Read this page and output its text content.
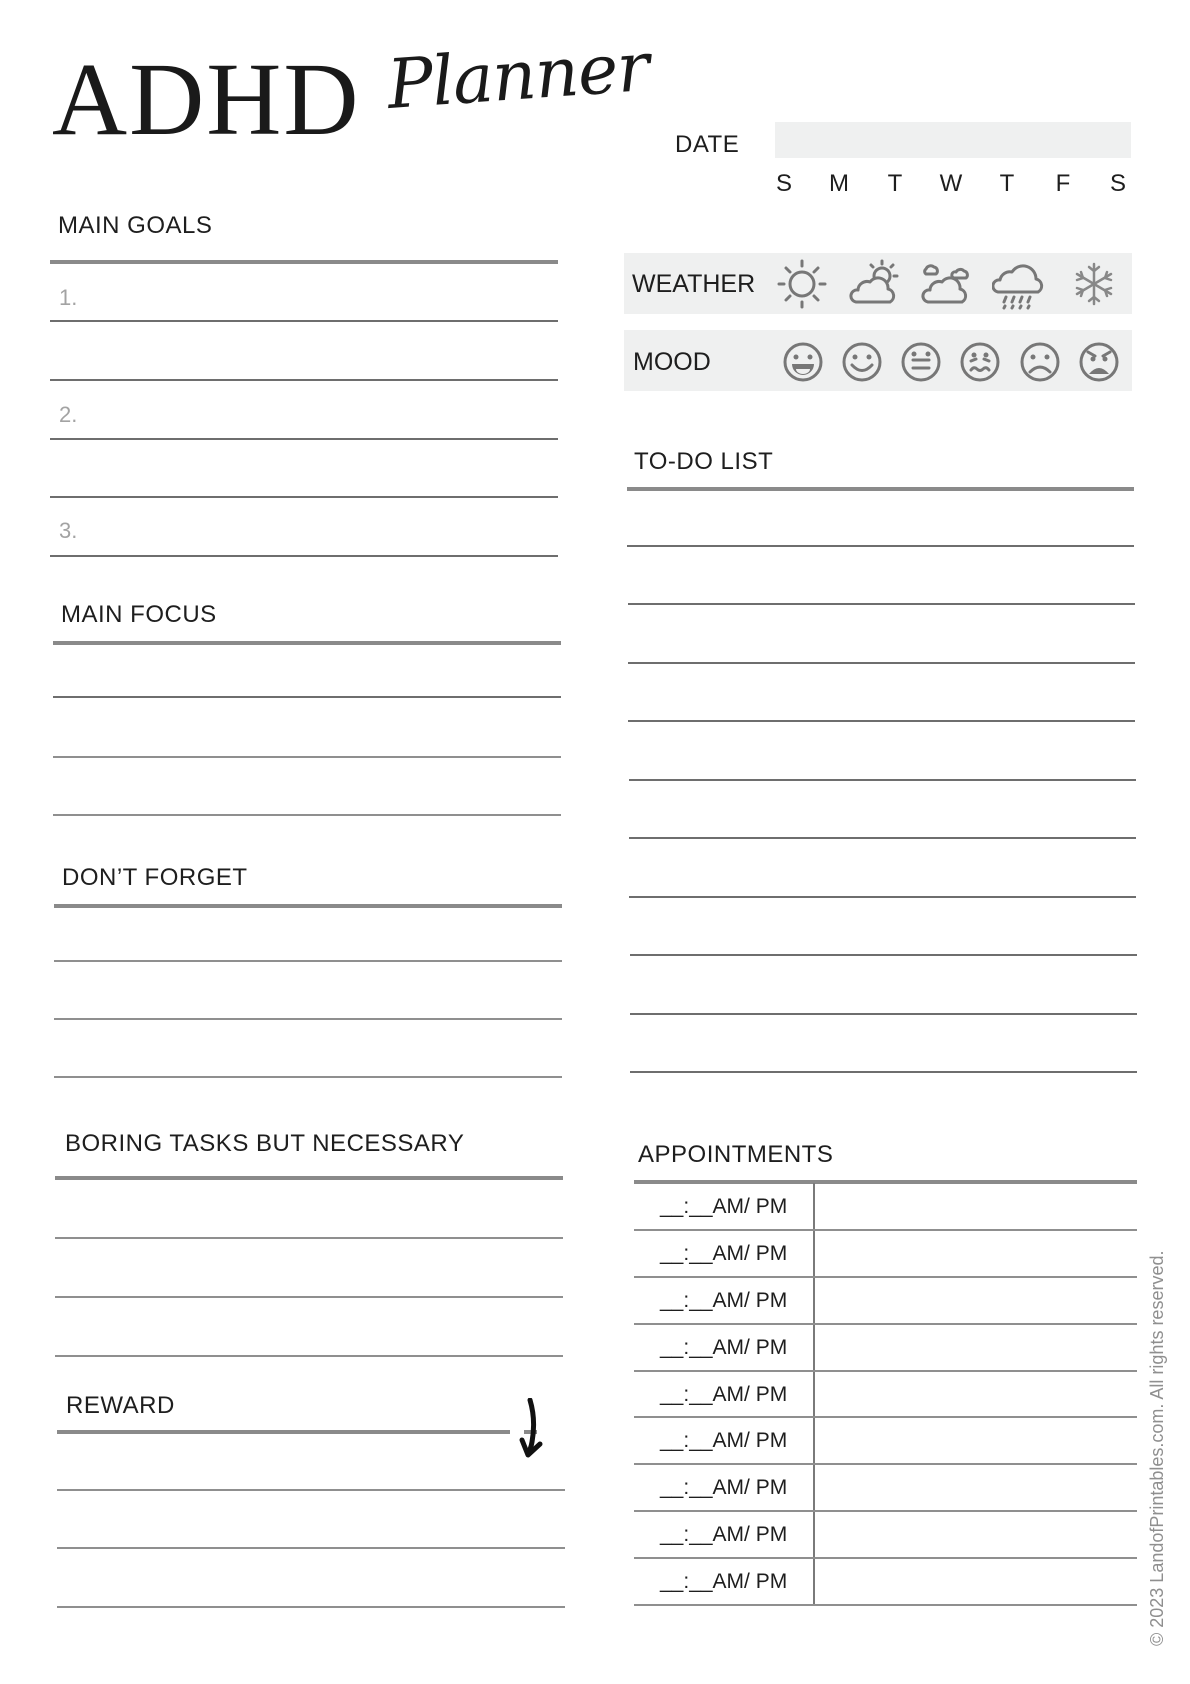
ADHD Planner
DATE
S M	T	W	T	F	S
WEATHER
MOOD
MAIN GOALS
1.
2.
3.
MAIN FOCUS
DON’T FORGET
BORING TASKS BUT NECESSARY
REWARD
TO-DO LIST
APPOINTMENTS
__:__AM/ PM
__:__AM/ PM
__:__AM/ PM
__:__AM/ PM
__:__AM/ PM
__:__AM/ PM
__:__AM/ PM
__:__AM/ PM
__:__AM/ PM	© 2023 LandofPrintables.com. All rights reserved.
